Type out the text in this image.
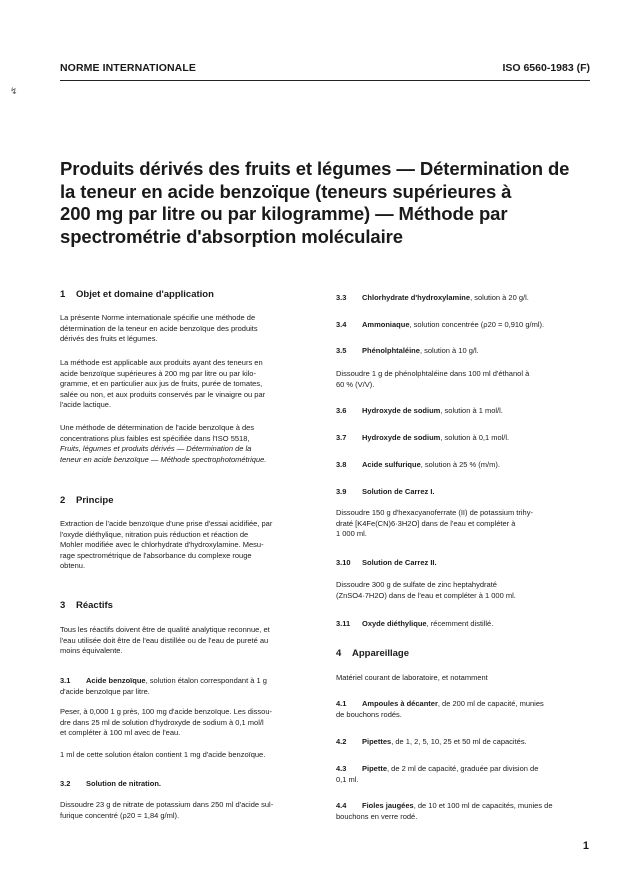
NORME INTERNATIONALE	ISO 6560-1983 (F)
↯
Produits dérivés des fruits et légumes — Détermination de
la teneur en acide benzoïque (teneurs supérieures à
200 mg par litre ou par kilogramme) — Méthode par
spectrométrie d'absorption moléculaire
1 Objet et domaine d'application
La présente Norme internationale spécifie une méthode de
détermination de la teneur en acide benzoïque des produits
dérivés des fruits et légumes.
La méthode est applicable aux produits ayant des teneurs en
acide benzoïque supérieures à 200 mg par litre ou par kilo-
gramme, et en particulier aux jus de fruits, purée de tomates,
salée ou non, et aux produits conservés par le vinaigre ou par
l'acide lactique.
Une méthode de détermination de l'acide benzoïque à des
concentrations plus faibles est spécifiée dans l'ISO 5518,
Fruits, légumes et produits dérivés — Détermination de la
teneur en acide benzoïque — Méthode spectrophotométrique.
2 Principe
Extraction de l'acide benzoïque d'une prise d'essai acidifiée, par
l'oxyde diéthylique, nitration puis réduction et réaction de
Mohler modifiée avec le chlorhydrate d'hydroxylamine. Mesu-
rage spectrométrique de l'absorbance du complexe rouge
obtenu.
3 Réactifs
Tous les réactifs doivent être de qualité analytique reconnue, et
l'eau utilisée doit être de l'eau distillée ou de l'eau de pureté au
moins équivalente.
3.1 Acide benzoïque, solution étalon correspondant à 1 g
d'acide benzoïque par litre.
Peser, à 0,000 1 g près, 100 mg d'acide benzoïque. Les dissou-
dre dans 25 ml de solution d'hydroxyde de sodium à 0,1 mol/l
et compléter à 100 ml avec de l'eau.
1 ml de cette solution étalon contient 1 mg d'acide benzoïque.
3.2 Solution de nitration.
Dissoudre 23 g de nitrate de potassium dans 250 ml d'acide sul-
furique concentré (ρ20 = 1,84 g/ml).
3.3 Chlorhydrate d'hydroxylamine, solution à 20 g/l.
3.4 Ammoniaque, solution concentrée (ρ20 = 0,910 g/ml).
3.5 Phénolphtaléine, solution à 10 g/l.
Dissoudre 1 g de phénolphtaléine dans 100 ml d'éthanol à
60 % (V/V).
3.6 Hydroxyde de sodium, solution à 1 mol/l.
3.7 Hydroxyde de sodium, solution à 0,1 mol/l.
3.8 Acide sulfurique, solution à 25 % (m/m).
3.9 Solution de Carrez I.
Dissoudre 150 g d'hexacyanoferrate (II) de potassium trihy-
draté [K4Fe(CN)6·3H2O] dans de l'eau et compléter à
1 000 ml.
3.10 Solution de Carrez II.
Dissoudre 300 g de sulfate de zinc heptahydraté
(ZnSO4·7H2O) dans de l'eau et compléter à 1 000 ml.
3.11 Oxyde diéthylique, récemment distillé.
4 Appareillage
Matériel courant de laboratoire, et notamment
4.1 Ampoules à décanter, de 200 ml de capacité, munies
de bouchons rodés.
4.2 Pipettes, de 1, 2, 5, 10, 25 et 50 ml de capacités.
4.3 Pipette, de 2 ml de capacité, graduée par division de
0,1 ml.
4.4 Fioles jaugées, de 10 et 100 ml de capacités, munies de
bouchons en verre rodé.
1
